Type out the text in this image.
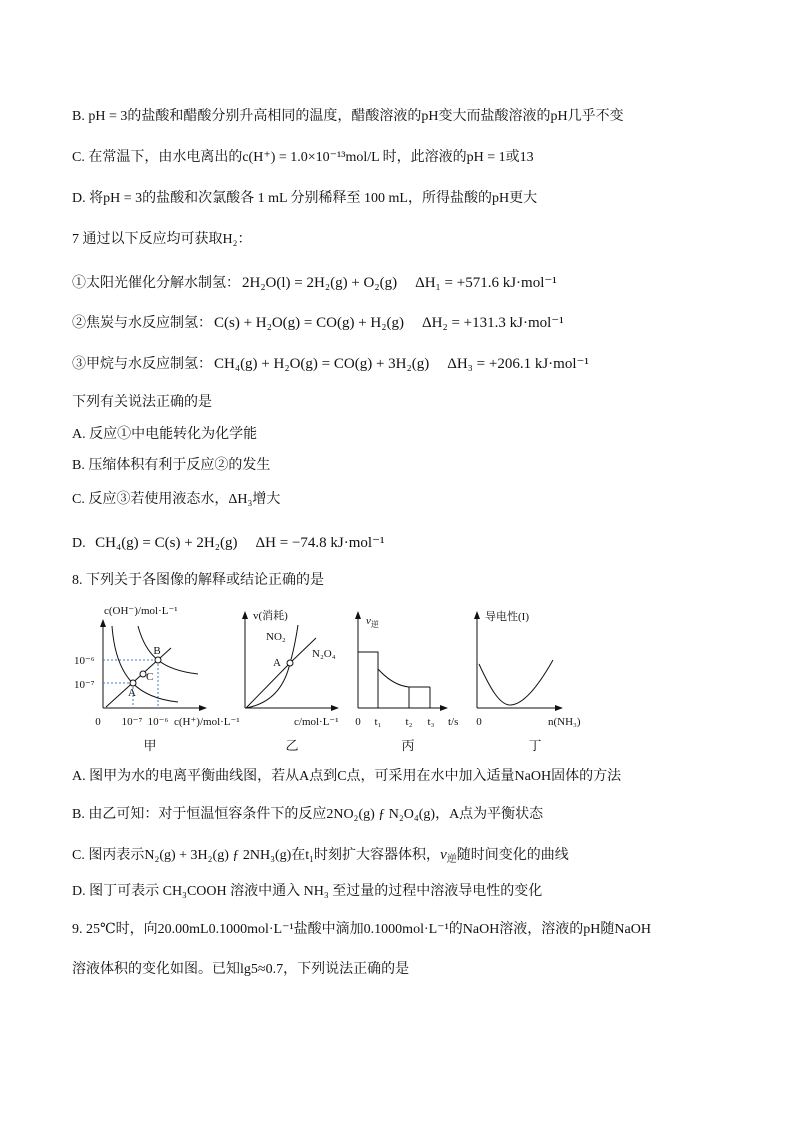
B. pH = 3的盐酸和醋酸分别升高相同的温度，醋酸溶液的pH变大而盐酸溶液的pH几乎不变
C. 在常温下，由水电离出的c(H⁺) = 1.0×10⁻¹³mol/L 时，此溶液的pH = 1或13
D. 将pH = 3的盐酸和次氯酸各 1 mL 分别稀释至 100 mL，所得盐酸的pH更大
7 通过以下反应均可获取H₂：
①太阳光催化分解水制氢： 2H₂O(l) = 2H₂(g) + O₂(g) ΔH₁ = +571.6 kJ·mol⁻¹
②焦炭与水反应制氢： C(s) + H₂O(g) = CO(g) + H₂(g) ΔH₂ = +131.3 kJ·mol⁻¹
③甲烷与水反应制氢： CH₄(g) + H₂O(g) = CO(g) + 3H₂(g) ΔH₃ = +206.1 kJ·mol⁻¹
下列有关说法正确的是
A. 反应①中电能转化为化学能
B. 压缩体积有利于反应②的发生
C. 反应③若使用液态水，ΔH₃增大
D. CH₄(g) = C(s) + 2H₂(g) ΔH = −74.8 kJ·mol⁻¹
8. 下列关于各图像的解释或结论正确的是
c(OH⁻)/mol·L⁻¹
10⁻⁶
10⁻⁷
0 10⁻⁷ 10⁻⁶ c(H⁺)/mol·L⁻¹
A
B
C
甲
v(消耗)
NO₂
N₂O₄
A
c/mol·L⁻¹
乙
$v_逆$
0 t₁ t₂ t₃ t/s
丙
导电性(I)
0	n(NH₃)
丁
A. 图甲为水的电离平衡曲线图，若从A点到C点，可采用在水中加入适量NaOH固体的方法
B. 由乙可知：对于恒温恒容条件下的反应2NO₂(g) ƒ N₂O₄(g)，A点为平衡状态
C. 图丙表示N₂(g) + 3H₂(g) ƒ 2NH₃(g)在t₁时刻扩大容器体积，$v_逆$随时间变化的曲线
D. 图丁可表示 CH₃COOH 溶液中通入 NH₃ 至过量的过程中溶液导电性的变化
9. 25℃时，向20.00mL0.1000mol·L⁻¹盐酸中滴加0.1000mol·L⁻¹的NaOH溶液，溶液的pH随NaOH
溶液体积的变化如图。已知lg5≈0.7，下列说法正确的是
